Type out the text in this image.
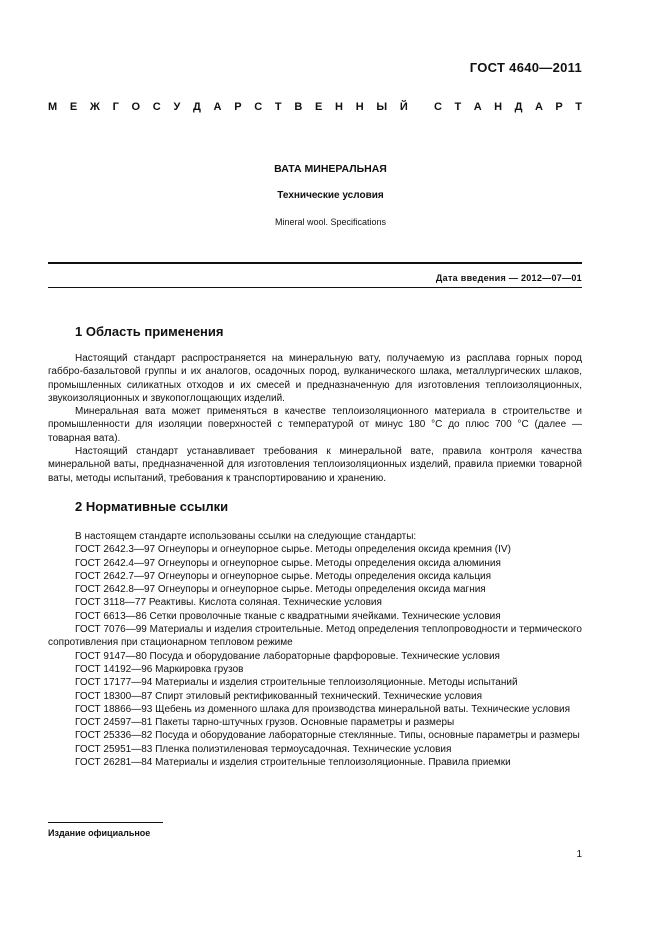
ГОСТ 4640—2011
М Е Ж Г О С У Д А Р С Т В Е Н Н Ы Й С Т А Н Д А Р Т
ВАТА МИНЕРАЛЬНАЯ
Технические условия
Mineral wool. Specifications
Дата введения — 2012—07—01
1 Область применения

Настоящий стандарт распространяется на минеральную вату, получаемую из расплава горных пород габбро-базальтовой группы и их аналогов, осадочных пород, вулканического шлака, металлургических шлаков, промышленных силикатных отходов и их смесей и предназначенную для изготовления теплоизоляционных, звукоизоляционных и звукопоглощающих изделий.

Минеральная вата может применяться в качестве теплоизоляционного материала в строительстве и промышленности для изоляции поверхностей с температурой от минус 180 °С до плюс 700 °С (далее — товарная вата).

Настоящий стандарт устанавливает требования к минеральной вате, правила контроля качества минеральной ваты, предназначенной для изготовления теплоизоляционных изделий, правила приемки товарной ваты, методы испытаний, требования к транспортированию и хранению.

2 Нормативные ссылки

В настоящем стандарте использованы ссылки на следующие стандарты:

ГОСТ 2642.3—97 Огнеупоры и огнеупорное сырье. Методы определения оксида кремния (IV)

ГОСТ 2642.4—97 Огнеупоры и огнеупорное сырье. Методы определения оксида алюминия

ГОСТ 2642.7—97 Огнеупоры и огнеупорное сырье. Методы определения оксида кальция

ГОСТ 2642.8—97 Огнеупоры и огнеупорное сырье. Методы определения оксида магния

ГОСТ 3118—77 Реактивы. Кислота соляная. Технические условия

ГОСТ 6613—86 Сетки проволочные тканые с квадратными ячейками. Технические условия

ГОСТ 7076—99 Материалы и изделия строительные. Метод определения теплопроводности и термического сопротивления при стационарном тепловом режиме

ГОСТ 9147—80 Посуда и оборудование лабораторные фарфоровые. Технические условия

ГОСТ 14192—96 Маркировка грузов

ГОСТ 17177—94 Материалы и изделия строительные теплоизоляционные. Методы испытаний

ГОСТ 18300—87 Спирт этиловый ректификованный технический. Технические условия

ГОСТ 18866—93 Щебень из доменного шлака для производства минеральной ваты. Технические условия

ГОСТ 24597—81 Пакеты тарно-штучных грузов. Основные параметры и размеры

ГОСТ 25336—82 Посуда и оборудование лабораторные стеклянные. Типы, основные параметры и размеры

ГОСТ 25951—83 Пленка полиэтиленовая термоусадочная. Технические условия

ГОСТ 26281—84 Материалы и изделия строительные теплоизоляционные. Правила приемки

Издание официальное
1
